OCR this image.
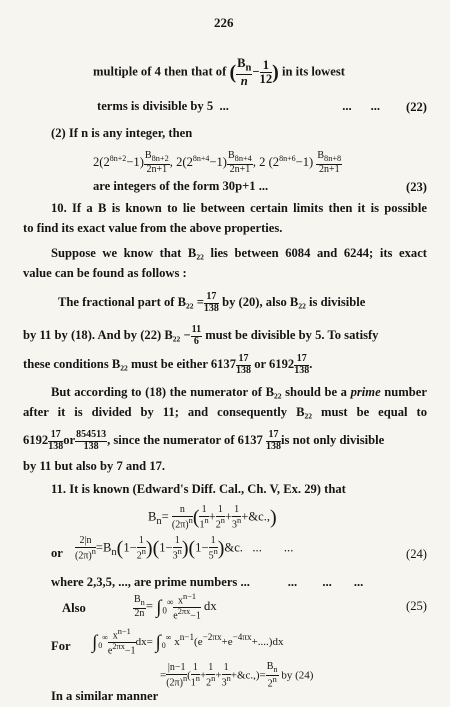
226
multiple of 4 then that of ( $\frac{B_n}{n} - \frac{1}{12}$ ) in its lowest
terms is divisible by 5 ...	... ... (22)
(2) If n is any integer, then
$2(2^{8n+2}-1) \frac{B_{8n+2}}{2n+1}$ , $2(2^{8n+4}-1) \frac{B_{8n+4}}{2n+1}$ , 2 $(2^{8n+6}-1) \frac{B_{8n+8}}{2n+1}$
are integers of the form 30p+1 ...	(23)
10. If a B is known to lie between certain limits then it is possible
to find its exact value from the above properties.
Suppose we know that B₂₂ lies between 6084 and 6244; its exact
value can be found as follows :
The fractional part of $B_{22} = \frac{17}{138}$ by (20), also B₂₂ is divisible
by 11 by (18). And by (22) $B_{22} - \frac{11}{6}$ must be divisible by 5. To satisfy
these conditions B₂₂ must be either $6137 \frac{17}{138}$ or $6192 \frac{17}{138}$ .
But according to (18) the numerator of B₂₂ should be a prime number
after it is divided by 11; and consequently B₂₂ must be equal to
$6192 \frac{17}{138}$ or $\frac{854513}{138}$ , since the numerator of $6137 \frac{17}{138}$ is not only divisible
by 11 but also by 7 and 17.
11. It is known (Edward's Diff. Cal., Ch. V, Ex. 29) that
$B_n= \frac{n}{(2\pi)^n}$ ( $\frac{1}{1^n} + \frac{1}{2^n} + \frac{1}{3^n}$ +&c.,)
or $\frac{2|n}{(2\pi)^n} =B_n(1- \frac{1}{2^n} )(1- \frac{1}{3^n} )(1- \frac{1}{5^n}$ )&c.   ... ...	(24)
where 2,3,5, ..., are prime numbers ...	... ... ...
Also	$\frac{B_n}{2n} = \int_0^\infty \frac{x^{n-1}}{e^{2\pi x}-1}$ dx	(25)
For $\int_0^\infty \frac{x^{n-1}}{e^{2\pi x}-1} dx= \int_0^\infty$ $x^{n-1}(e^{-2\pi x}+e^{-4\pi x}+....)dx$
= $\frac{|n-1}{(2\pi)^n}$ ( $\frac{1}{1^n} + \frac{1}{2^n} + \frac{1}{3^n}$ +&c.,)= $\frac{B_n}{2^n}$ by (24)
In a similar manner
